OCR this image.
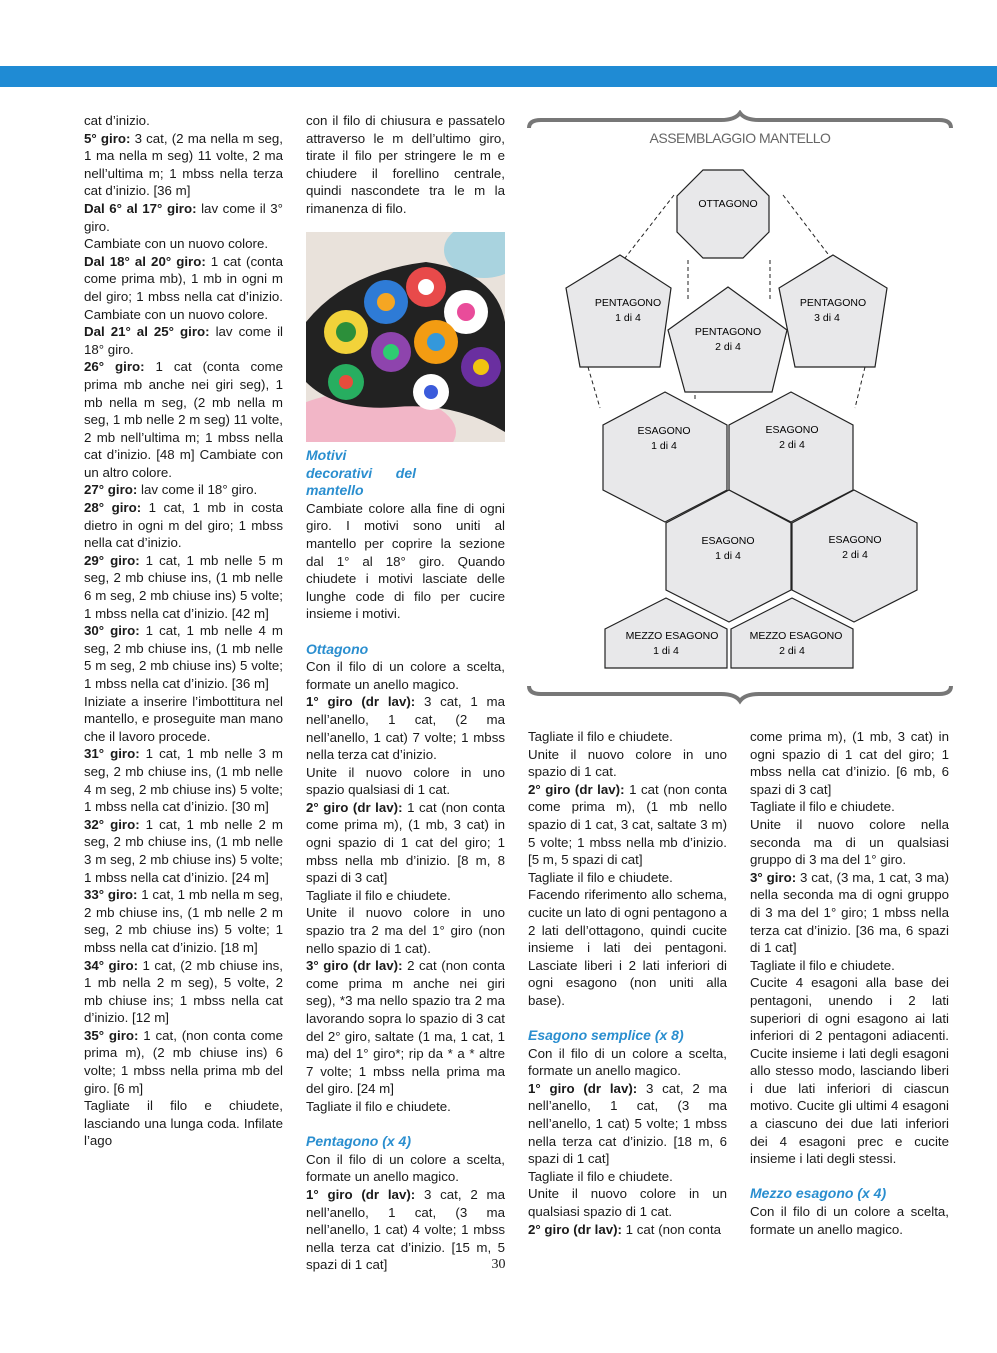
cat d’inizio.

5° giro: 3 cat, (2 ma nella m seg, 1 ma nella m seg) 11 volte, 2 ma nell’ultima m; 1 mbss nella terza cat d’inizio. [36 m]

Dal 6° al 17° giro: lav come il 3° giro.

Cambiate con un nuovo colore.

Dal 18° al 20° giro: 1 cat (conta come prima mb), 1 mb in ogni m del giro; 1 mbss nella cat d’inizio. Cambiate con un nuovo colore.

Dal 21° al 25° giro: lav come il 18° giro.

26° giro: 1 cat (conta come prima mb anche nei giri seg), 1 mb nella m seg, (2 mb nella m seg, 1 mb nelle 2 m seg) 11 volte, 2 mb nell’ultima m; 1 mbss nella cat d’inizio. [48 m] Cambiate con un altro colore.

27° giro: lav come il 18° giro.

28° giro: 1 cat, 1 mb in costa dietro in ogni m del giro; 1 mbss nella cat d’inizio.

29° giro: 1 cat, 1 mb nelle 5 m seg, 2 mb chiuse ins, (1 mb nelle 6 m seg, 2 mb chiuse ins) 5 volte; 1 mbss nella cat d’inizio. [42 m]

30° giro: 1 cat, 1 mb nelle 4 m seg, 2 mb chiuse ins, (1 mb nelle 5 m seg, 2 mb chiuse ins) 5 volte; 1 mbss nella cat d’inizio. [36 m]

Iniziate a inserire l’imbottitura nel mantello, e proseguite man mano che il lavoro procede.

31° giro: 1 cat, 1 mb nelle 3 m seg, 2 mb chiuse ins, (1 mb nelle 4 m seg, 2 mb chiuse ins) 5 volte; 1 mbss nella cat d’inizio. [30 m]

32° giro: 1 cat, 1 mb nelle 2 m seg, 2 mb chiuse ins, (1 mb nelle 3 m seg, 2 mb chiuse ins) 5 volte; 1 mbss nella cat d’inizio. [24 m]

33° giro: 1 cat, 1 mb nella m seg, 2 mb chiuse ins, (1 mb nelle 2 m seg, 2 mb chiuse ins) 5 volte; 1 mbss nella cat d’inizio. [18 m]

34° giro: 1 cat, (2 mb chiuse ins, 1 mb nella 2 m seg), 5 volte, 2 mb chiuse ins; 1 mbss nella cat d’inizio. [12 m]

35° giro: 1 cat, (non conta come prima m), (2 mb chiuse ins) 6 volte; 1 mbss nella prima mb del giro. [6 m]

Tagliate il filo e chiudete, lasciando una lunga coda. Infilate l’ago

con il filo di chiusura e passatelo attraverso le m dell’ultimo giro, tirate il filo per stringere le m e chiudere il forellino centrale, quindi nascondete tra le m la rimanenza di filo.

Motivi decorativi del mantello

Cambiate colore alla fine di ogni giro. I motivi sono uniti al mantello per coprire la sezione dal 1° al 18° giro. Quando chiudete i motivi lasciate delle lunghe code di filo per cucire insieme i motivi.

Ottagono

Con il filo di un colore a scelta, formate un anello magico.

1° giro (dr lav): 3 cat, 1 ma nell’anello, 1 cat, (2 ma nell’anello, 1 cat) 7 volte; 1 mbss nella terza cat d’inizio.

Unite il nuovo colore in uno spazio qualsiasi di 1 cat.

2° giro (dr lav): 1 cat (non conta come prima m), (1 mb, 3 cat) in ogni spazio di 1 cat del giro; 1 mbss nella mb d’inizio. [8 m, 8 spazi di 3 cat]

Tagliate il filo e chiudete.

Unite il nuovo colore in uno spazio tra 2 ma del 1° giro (non nello spazio di 1 cat).

3° giro (dr lav): 2 cat (non conta come prima m anche nei giri seg), *3 ma nello spazio tra 2 ma lavorando sopra lo spazio di 3 cat del 2° giro, saltate (1 ma, 1 cat, 1 ma) del 1° giro*; rip da * a * altre 7 volte; 1 mbss nella prima ma del giro. [24 m]

Tagliate il filo e chiudete.

Pentagono (x 4)

Con il filo di un colore a scelta, formate un anello magico.

1° giro (dr lav): 3 cat, 2 ma nell’anello, 1 cat, (3 ma nell’anello, 1 cat) 4 volte; 1 mbss nella terza cat d’inizio. [15 m, 5 spazi di 1 cat]

ASSEMBLAGGIO MANTELLO
OTTAGONO
PENTAGONO
1 di 4
PENTAGONO
2 di 4
PENTAGONO
3 di 4
ESAGONO
1 di 4
ESAGONO
2 di 4
ESAGONO
1 di 4
ESAGONO
2 di 4
MEZZO ESAGONO
1 di 4
MEZZO ESAGONO
2 di 4

Tagliate il filo e chiudete.

Unite il nuovo colore in uno spazio di 1 cat.

2° giro (dr lav): 1 cat (non conta come prima m), (1 mb nello spazio di 1 cat, 3 cat, saltate 3 m) 5 volte; 1 mbss nella mb d’inizio. [5 m, 5 spazi di cat]

Tagliate il filo e chiudete.

Facendo riferimento allo schema, cucite un lato di ogni pentagono a 2 lati dell’ottagono, quindi cucite insieme i lati dei pentagoni. Lasciate liberi i 2 lati inferiori di ogni esagono (non uniti alla base).

Esagono semplice (x 8)

Con il filo di un colore a scelta, formate un anello magico.

1° giro (dr lav): 3 cat, 2 ma nell’anello, 1 cat, (3 ma nell’anello, 1 cat) 5 volte; 1 mbss nella terza cat d’inizio. [18 m, 6 spazi di 1 cat]

Tagliate il filo e chiudete.

Unite il nuovo colore in un qualsiasi spazio di 1 cat.

2° giro (dr lav): 1 cat (non conta

come prima m), (1 mb, 3 cat) in ogni spazio di 1 cat del giro; 1 mbss nella cat d’inizio. [6 mb, 6 spazi di 3 cat]

Tagliate il filo e chiudete.

Unite il nuovo colore nella seconda ma di un qualsiasi gruppo di 3 ma del 1° giro.

3° giro: 3 cat, (3 ma, 1 cat, 3 ma) nella seconda ma di ogni gruppo di 3 ma del 1° giro; 1 mbss nella terza cat d’inizio. [36 ma, 6 spazi di 1 cat]

Tagliate il filo e chiudete.

Cucite 4 esagoni alla base dei pentagoni, unendo i 2 lati superiori di ogni esagono ai lati inferiori di 2 pentagoni adiacenti. Cucite insieme i lati degli esagoni allo stesso modo, lasciando liberi i due lati inferiori di ciascun motivo. Cucite gli ultimi 4 esagoni a ciascuno dei due lati inferiori dei 4 esagoni prec e cucite insieme i lati degli stessi.

Mezzo esagono (x 4)

Con il filo di un colore a scelta, formate un anello magico.

30
